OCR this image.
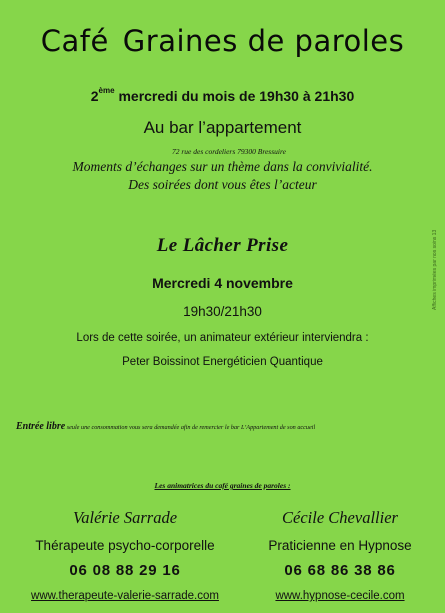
Café Graines de paroles
2ème mercredi du mois de 19h30 à 21h30
Au bar l’appartement
72 rue des cordeliers 79300 Bressuire
Moments d’échanges sur un thème dans la convivialité.
Des soirées dont vous êtes l’acteur
Le Lâcher Prise
Mercredi 4 novembre
19h30/21h30
Lors de cette soirée, un animateur extérieur interviendra :
Peter Boissinot Energéticien Quantique
Affiches imprimées par nos soins 13
Entrée libre seule une consommation vous sera demandée afin de remercier le bar L’Appartement de son accueil
Les animatrices du café graines de paroles :
Valérie Sarrade	Cécile Chevallier
Thérapeute psycho-corporelle	Praticienne en Hypnose
06 08 88 29 16	06 68 86 38 86
www.therapeute-valerie-sarrade.com	www.hypnose-cecile.com
